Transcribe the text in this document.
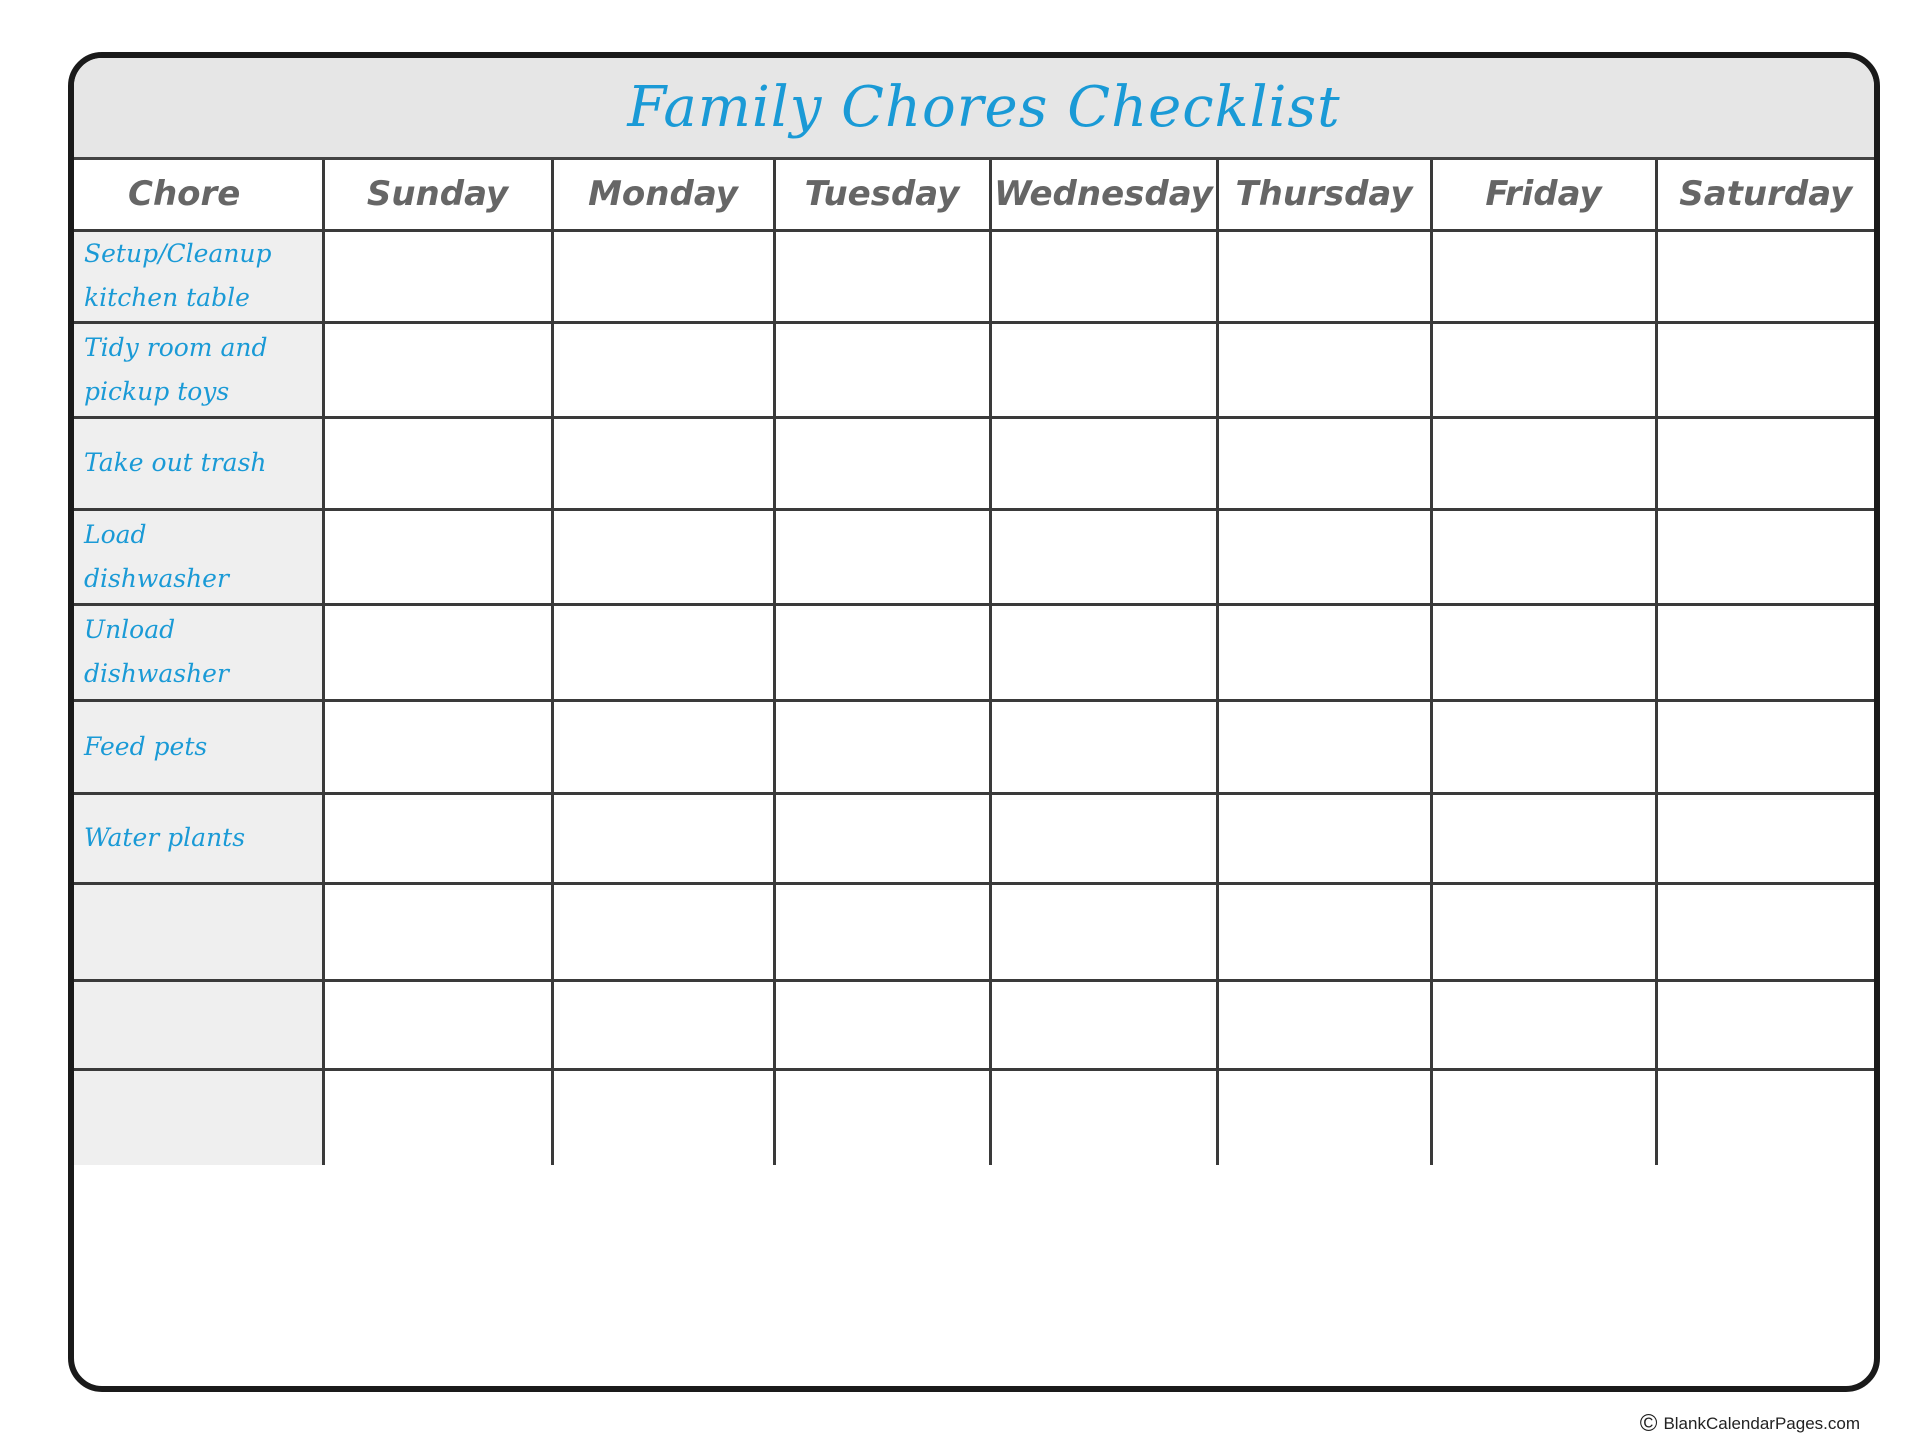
Family Chores Checklist
Chore	Sunday	Monday	Tuesday	Wednesday	Thursday	Friday	Saturday

Setup/Cleanup
kitchen table							

Tidy room and
pickup toys							

Take out trash							

Load
dishwasher							

Unload
dishwasher							

Feed pets							

Water plants							

© BlankCalendarPages.com
